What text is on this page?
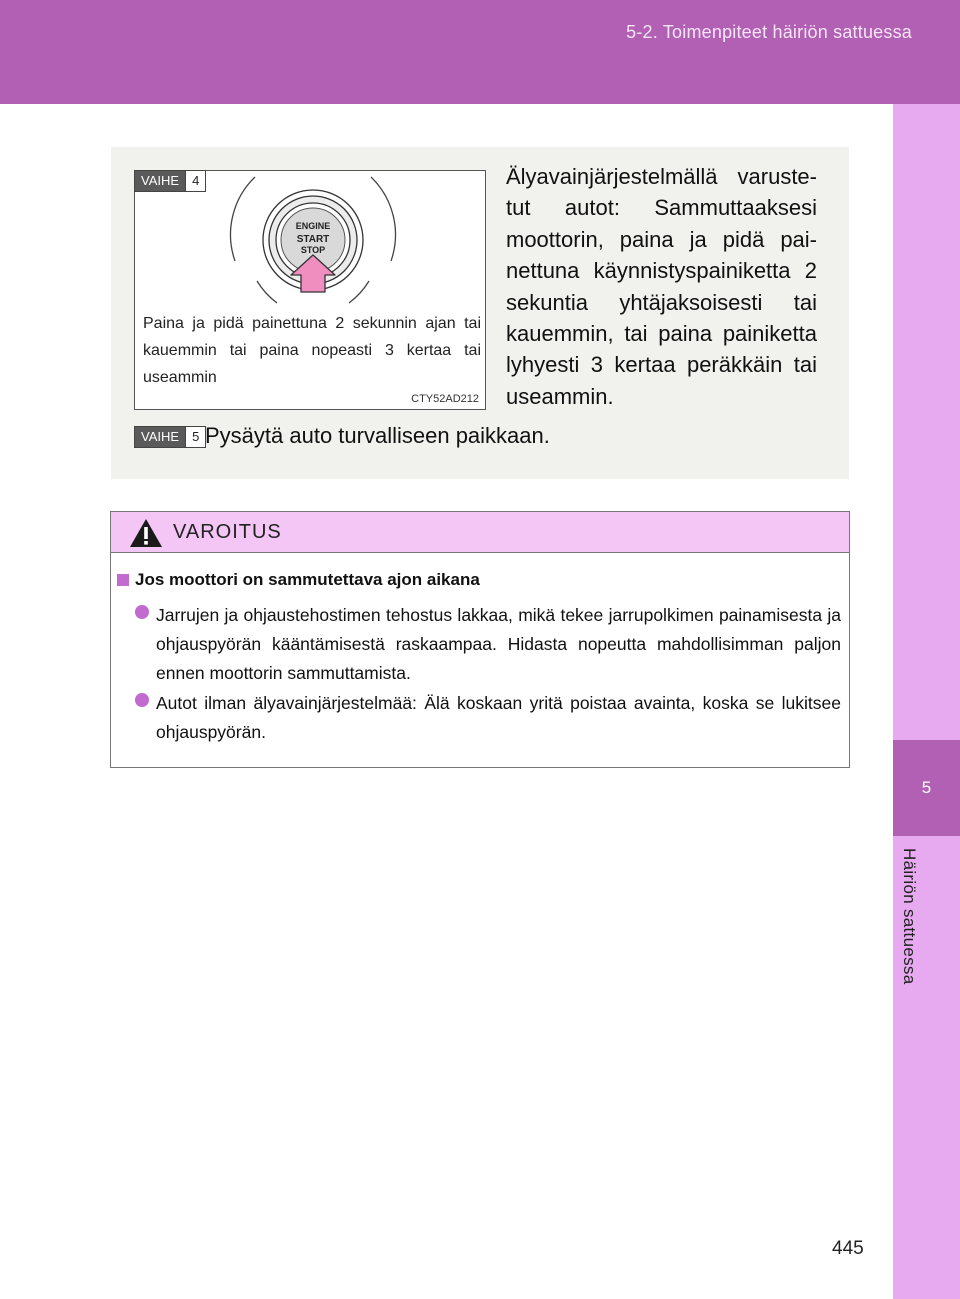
5-2. Toimenpiteet häiriön sattuessa
5
Häiriön sattuessa
ENGINE
START
STOP
VAIHE	4
Paina ja pidä painettuna 2 sekunnin ajan tai kauemmin tai paina nopeasti 3 kertaa tai useammin
CTY52AD212
Älyavainjärjestelmällä varustetut autot: Sammuttaaksesi moottorin, paina ja pidä painettuna käynnistyspainiketta 2 sekuntia yhtäjaksoisesti tai kauemmin, tai paina painiketta lyhyesti 3 kertaa peräkkäin tai useammin.
VAIHE	5 Pysäytä auto turvalliseen paikkaan.
VAROITUS
Jos moottori on sammutettava ajon aikana
Jarrujen ja ohjaustehostimen tehostus lakkaa, mikä tekee jarrupolkimen painamisesta ja ohjauspyörän kääntämisestä raskaampaa. Hidasta nopeutta mahdollisimman paljon ennen moottorin sammuttamista.
Autot ilman älyavainjärjestelmää: Älä koskaan yritä poistaa avainta, koska se lukitsee ohjauspyörän.
445
